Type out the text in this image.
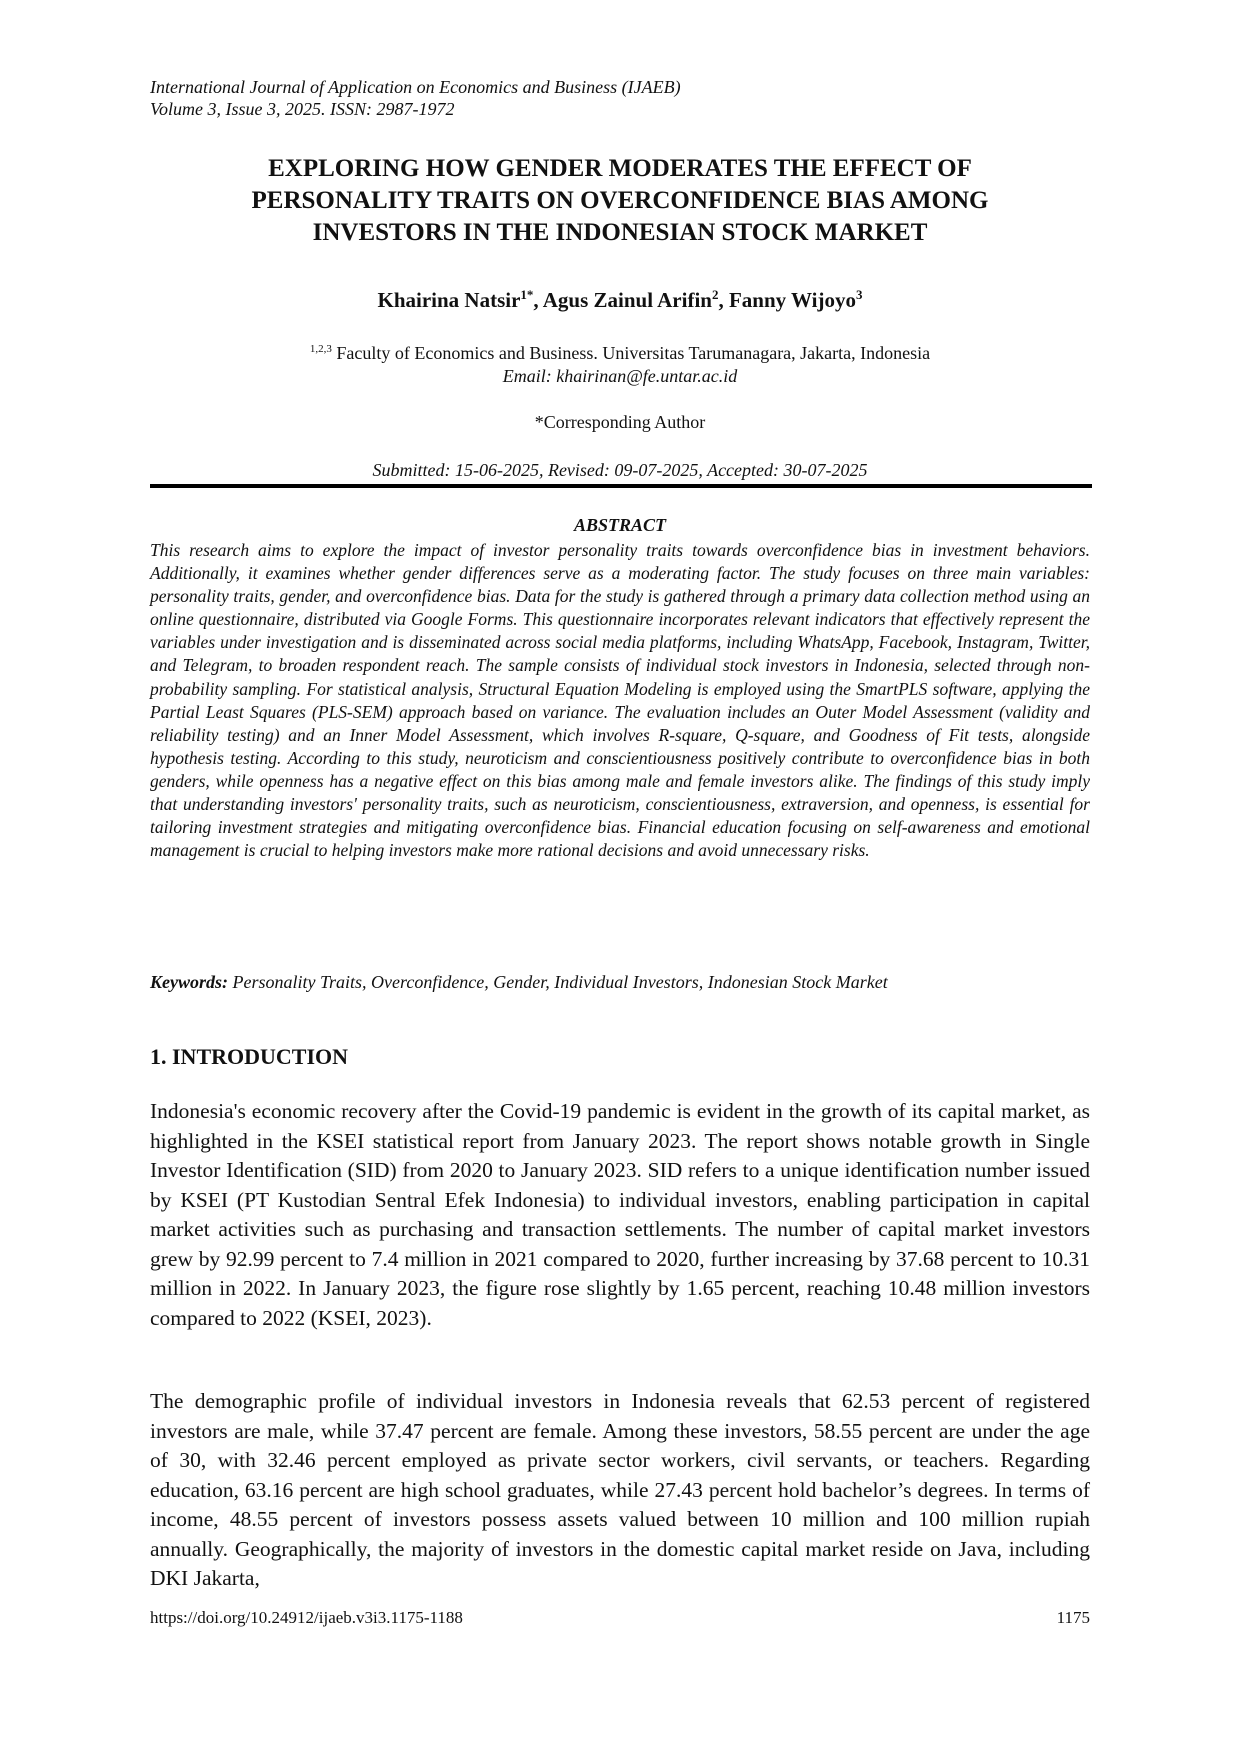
International Journal of Application on Economics and Business (IJAEB)
Volume 3, Issue 3, 2025. ISSN: 2987-1972
EXPLORING HOW GENDER MODERATES THE EFFECT OF
PERSONALITY TRAITS ON OVERCONFIDENCE BIAS AMONG
INVESTORS IN THE INDONESIAN STOCK MARKET
Khairina Natsir$^{1*}$, Agus Zainul Arifin$^2$, Fanny Wijoyo$^3$
$^{1,2,3}$ Faculty of Economics and Business. Universitas Tarumanagara, Jakarta, Indonesia
Email: khairinan@fe.untar.ac.id
*Corresponding Author
Submitted: 15-06-2025, Revised: 09-07-2025, Accepted: 30-07-2025
ABSTRACT

This research aims to explore the impact of investor personality traits towards overconfidence bias in investment behaviors. Additionally, it examines whether gender differences serve as a moderating factor. The study focuses on three main variables: personality traits, gender, and overconfidence bias. Data for the study is gathered through a primary data collection method using an online questionnaire, distributed via Google Forms. This questionnaire incorporates relevant indicators that effectively represent the variables under investigation and is disseminated across social media platforms, including WhatsApp, Facebook, Instagram, Twitter, and Telegram, to broaden respondent reach. The sample consists of individual stock investors in Indonesia, selected through non-probability sampling. For statistical analysis, Structural Equation Modeling is employed using the SmartPLS software, applying the Partial Least Squares (PLS-SEM) approach based on variance. The evaluation includes an Outer Model Assessment (validity and reliability testing) and an Inner Model Assessment, which involves R-square, Q-square, and Goodness of Fit tests, alongside hypothesis testing. According to this study, neuroticism and conscientiousness positively contribute to overconfidence bias in both genders, while openness has a negative effect on this bias among male and female investors alike. The findings of this study imply that understanding investors' personality traits, such as neuroticism, conscientiousness, extraversion, and openness, is essential for tailoring investment strategies and mitigating overconfidence bias. Financial education focusing on self-awareness and emotional management is crucial to helping investors make more rational decisions and avoid unnecessary risks.

Keywords: Personality Traits, Overconfidence, Gender, Individual Investors, Indonesian Stock Market
1. INTRODUCTION

Indonesia's economic recovery after the Covid-19 pandemic is evident in the growth of its capital market, as highlighted in the KSEI statistical report from January 2023. The report shows notable growth in Single Investor Identification (SID) from 2020 to January 2023. SID refers to a unique identification number issued by KSEI (PT Kustodian Sentral Efek Indonesia) to individual investors, enabling participation in capital market activities such as purchasing and transaction settlements. The number of capital market investors grew by 92.99 percent to 7.4 million in 2021 compared to 2020, further increasing by 37.68 percent to 10.31 million in 2022. In January 2023, the figure rose slightly by 1.65 percent, reaching 10.48 million investors compared to 2022 (KSEI, 2023).

The demographic profile of individual investors in Indonesia reveals that 62.53 percent of registered investors are male, while 37.47 percent are female. Among these investors, 58.55 percent are under the age of 30, with 32.46 percent employed as private sector workers, civil servants, or teachers. Regarding education, 63.16 percent are high school graduates, while 27.43 percent hold bachelor’s degrees. In terms of income, 48.55 percent of investors possess assets valued between 10 million and 100 million rupiah annually. Geographically, the majority of investors in the domestic capital market reside on Java, including DKI Jakarta,

https://doi.org/10.24912/ijaeb.v3i3.1175-1188	1175
